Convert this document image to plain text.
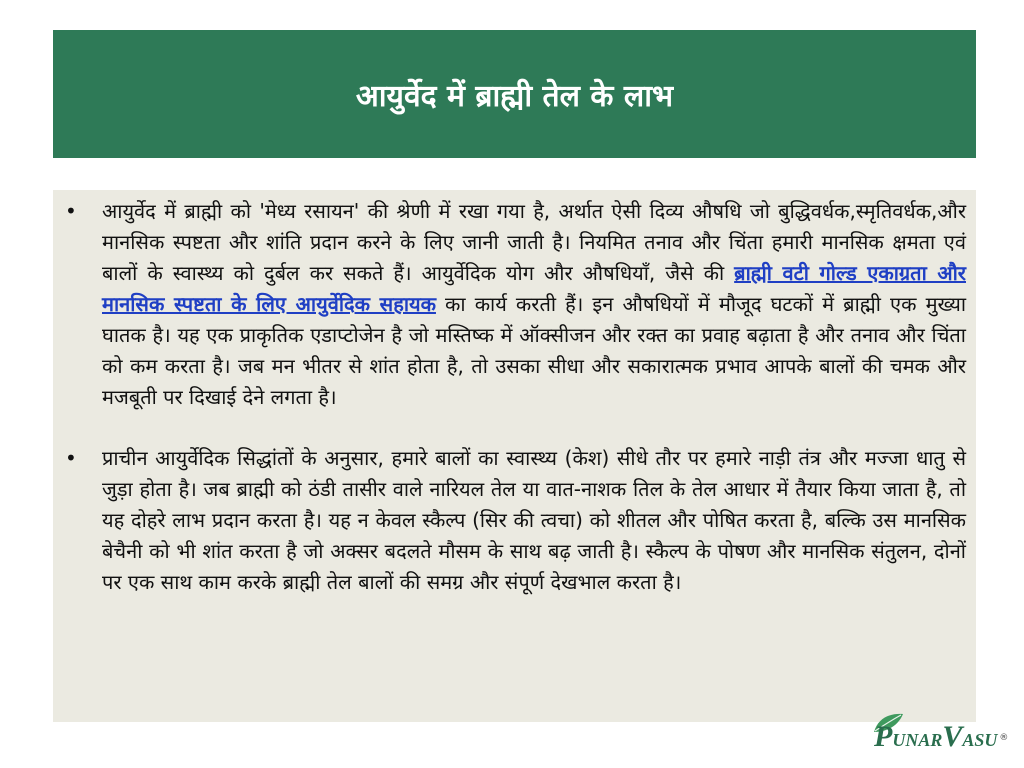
आयुर्वेद में ब्राह्मी तेल के लाभ
•	आयुर्वेद में ब्राह्मी को 'मेध्य रसायन' की श्रेणी में रखा गया है, अर्थात ऐसी दिव्य औषधि जो बुद्धिवर्धक,स्मृतिवर्धक,और मानसिक स्पष्टता और शांति प्रदान करने के लिए जानी जाती है। नियमित तनाव और चिंता हमारी मानसिक क्षमता एवं बालों के स्वास्थ्य को दुर्बल कर सकते हैं। आयुर्वेदिक योग और औषधियाँ, जैसे की ब्राह्मी वटी गोल्ड एकाग्रता और मानसिक स्पष्टता के लिए आयुर्वेदिक सहायक का कार्य करती हैं। इन औषधियों में मौजूद घटकों में ब्राह्मी एक मुख्या घातक है। यह एक प्राकृतिक एडाप्टोजेन है जो मस्तिष्क में ऑक्सीजन और रक्त का प्रवाह बढ़ाता है और तनाव और चिंता को कम करता है। जब मन भीतर से शांत होता है, तो उसका सीधा और सकारात्मक प्रभाव आपके बालों की चमक और मजबूती पर दिखाई देने लगता है।

•	प्राचीन आयुर्वेदिक सिद्धांतों के अनुसार, हमारे बालों का स्वास्थ्य (केश) सीधे तौर पर हमारे नाड़ी तंत्र और मज्जा धातु से जुड़ा होता है। जब ब्राह्मी को ठंडी तासीर वाले नारियल तेल या वात-नाशक तिल के तेल आधार में तैयार किया जाता है, तो यह दोहरे लाभ प्रदान करता है। यह न केवल स्कैल्प (सिर की त्वचा) को शीतल और पोषित करता है, बल्कि उस मानसिक बेचैनी को भी शांत करता है जो अक्सर बदलते मौसम के साथ बढ़ जाती है। स्कैल्प के पोषण और मानसिक संतुलन, दोनों पर एक साथ काम करके ब्राह्मी तेल बालों की समग्र और संपूर्ण देखभाल करता है।

PUNARVASU ®
